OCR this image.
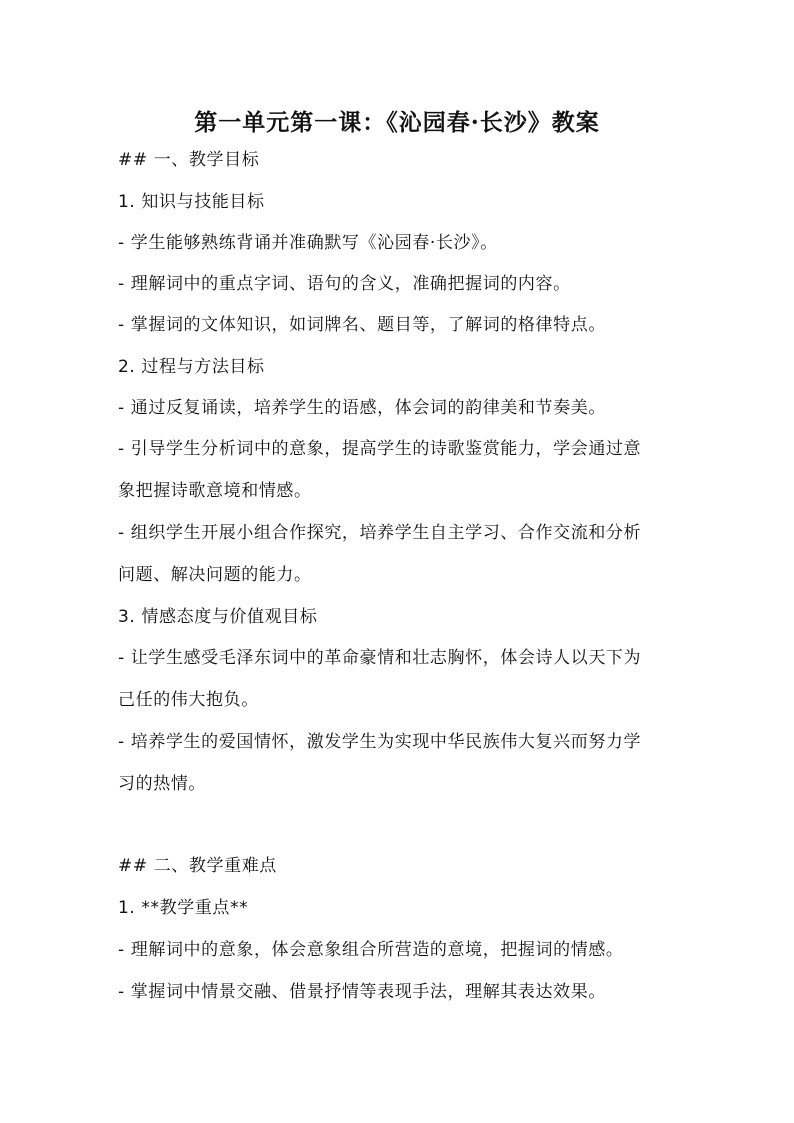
第一单元第一课：《沁园春·长沙》教案
## 一、教学目标
1. 知识与技能目标
- 学生能够熟练背诵并准确默写《沁园春·长沙》。
- 理解词中的重点字词、语句的含义，准确把握词的内容。
- 掌握词的文体知识，如词牌名、题目等，了解词的格律特点。
2. 过程与方法目标
- 通过反复诵读，培养学生的语感，体会词的韵律美和节奏美。
- 引导学生分析词中的意象，提高学生的诗歌鉴赏能力，学会通过意
象把握诗歌意境和情感。
- 组织学生开展小组合作探究，培养学生自主学习、合作交流和分析
问题、解决问题的能力。
3. 情感态度与价值观目标
- 让学生感受毛泽东词中的革命豪情和壮志胸怀，体会诗人以天下为
己任的伟大抱负。
- 培养学生的爱国情怀，激发学生为实现中华民族伟大复兴而努力学
习的热情。
## 二、教学重难点
1. **教学重点**
- 理解词中的意象，体会意象组合所营造的意境，把握词的情感。
- 掌握词中情景交融、借景抒情等表现手法，理解其表达效果。
